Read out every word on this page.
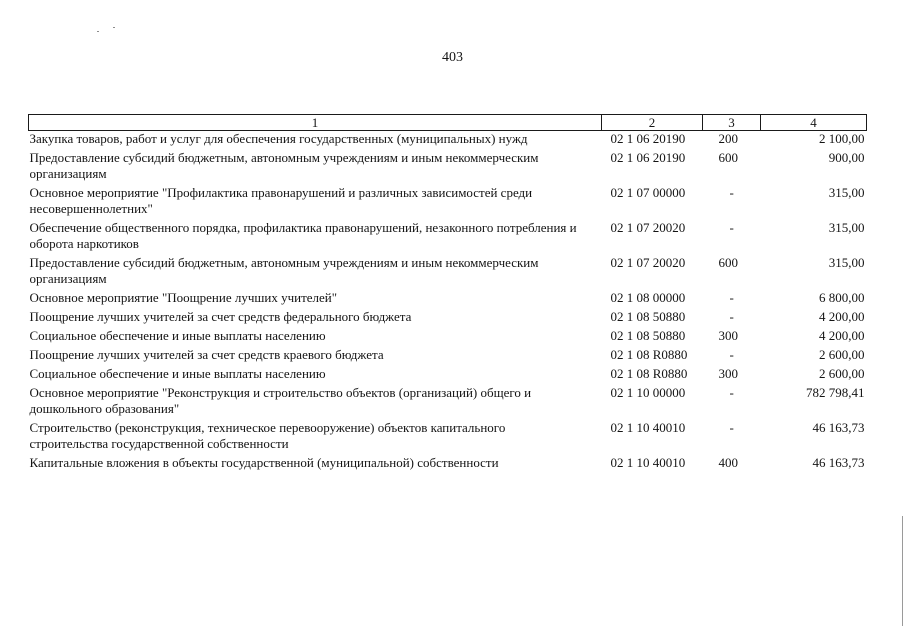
403
1	2	3	4
Закупка товаров, работ и услуг для обеспечения государственных (муниципальных) нужд	02 1 06 20190	200	2 100,00
Предоставление субсидий бюджетным, автономным учреждениям и иным некоммерческим организациям	02 1 06 20190	600	900,00
Основное мероприятие "Профилактика правонарушений и различных зависимостей среди несовершеннолетних"	02 1 07 00000	-	315,00
Обеспечение общественного порядка, профилактика правонарушений, незаконного потребления и оборота наркотиков	02 1 07 20020	-	315,00
Предоставление субсидий бюджетным, автономным учреждениям и иным некоммерческим организациям	02 1 07 20020	600	315,00
Основное мероприятие "Поощрение лучших учителей"	02 1 08 00000	-	6 800,00
Поощрение лучших учителей за счет средств федерального бюджета	02 1 08 50880	-	4 200,00
Социальное обеспечение и иные выплаты населению	02 1 08 50880	300	4 200,00
Поощрение лучших учителей за счет средств краевого бюджета	02 1 08 R0880	-	2 600,00
Социальное обеспечение и иные выплаты населению	02 1 08 R0880	300	2 600,00
Основное мероприятие "Реконструкция и строительство объектов (организаций) общего и дошкольного образования"	02 1 10 00000	-	782 798,41
Строительство (реконструкция, техническое перевооружение) объектов капитального строительства государственной собственности	02 1 10 40010	-	46 163,73
Капитальные вложения в объекты государственной (муниципальной) собственности	02 1 10 40010	400	46 163,73
